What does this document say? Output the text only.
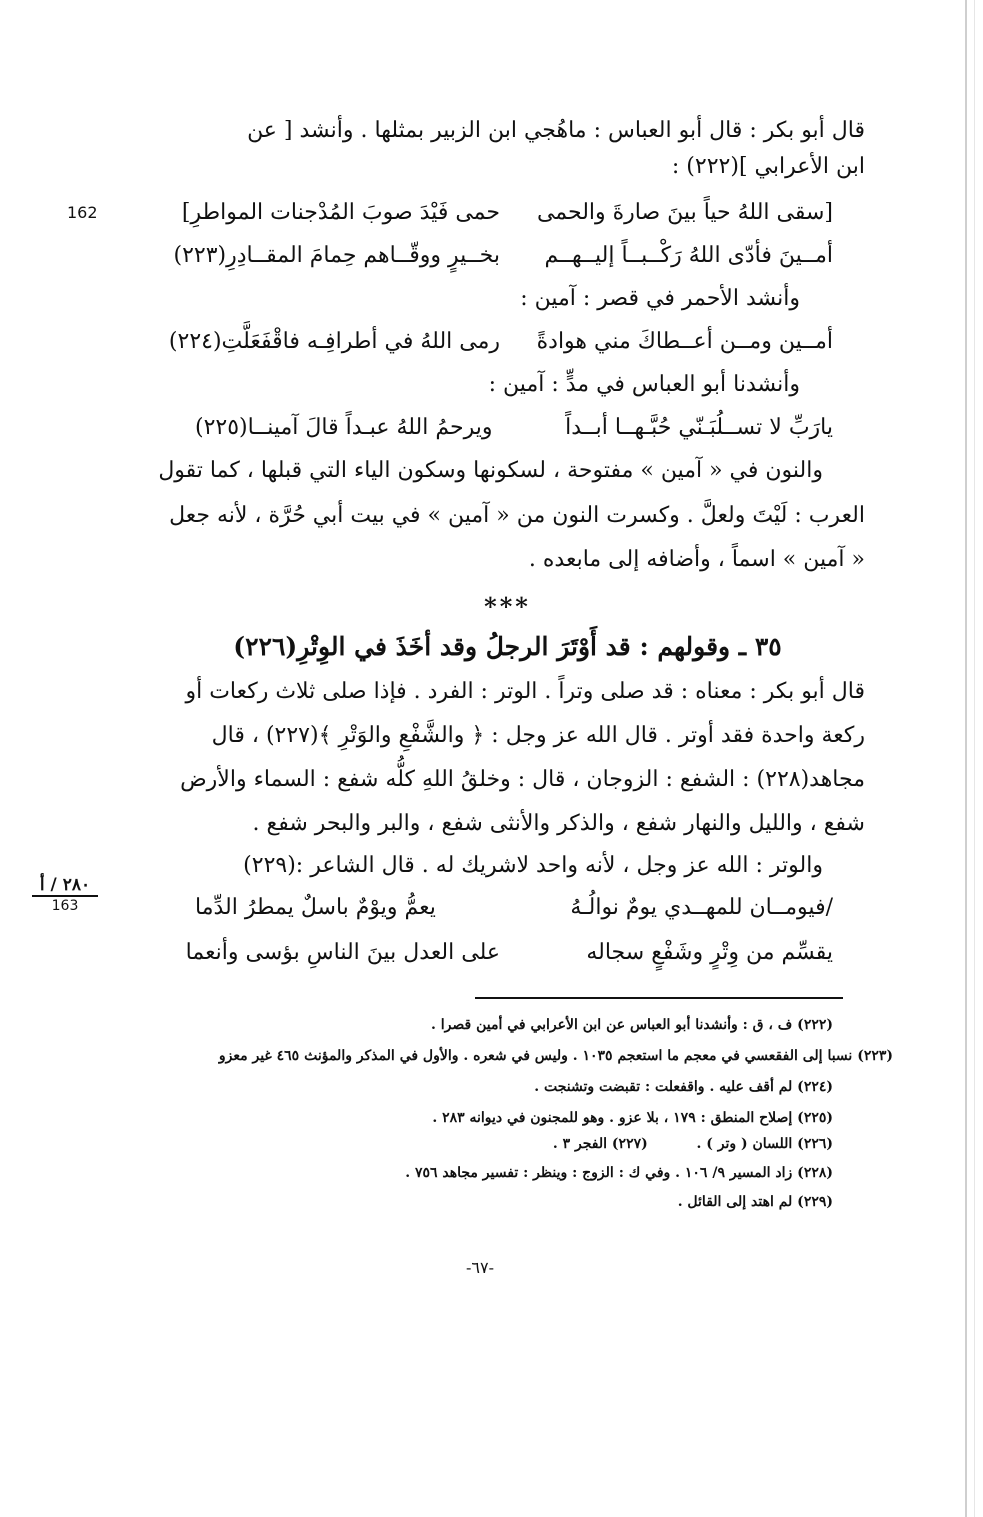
162
قال أبو بكر : قال أبو العباس : ماهُجي ابن الزبير بمثلها . وأنشد [ عن
ابن الأعرابي ](٢٢٢) :
[سقى اللهُ حياً بينَ صارةَ والحمى
حمى فَيْدَ صوبَ المُدْجنات المواطرِ]
أمــينَ فأدّى اللهُ رَكْــبــاً إليــهــم
بخــيرٍ ووقّــاهم حِمامَ المقــادِرِ(٢٢٣)
وأنشد الأحمر في قصر : آمين :
أمــين ومــن أعــطاكَ مني هوادةً
رمى اللهُ في أطرافِـه فاقْفَعَلَّتِ(٢٢٤)
وأنشدنا أبو العباس في مدٍّ : آمين :
يارَبِّ لا تســلُبَـنّي حُبَّـهــا أبــداً
ويرحمُ اللهُ عبـداً قالَ آمينــا(٢٢٥)
والنون في « آمين » مفتوحة ، لسكونها وسكون الياء التي قبلها ، كما تقول
العرب : لَيْتَ ولعلَّ . وكسرت النون من « آمين » في بيت أبي حُرَّة ، لأنه جعل
« آمين » اسماً ، وأضافه إلى مابعده .
***
٣٥ ـ وقولهم : قد أَوْتَرَ الرجلُ وقد أخَذَ في الوِتْرِ(٢٢٦)
قال أبو بكر : معناه : قد صلى وتراً . الوتر : الفرد . فإذا صلى ثلاث ركعات أو
ركعة واحدة فقد أوتر . قال الله عز وجل : ﴿ والشَّفْعِ والوَتْرِ ﴾(٢٢٧) ، قال
مجاهد(٢٢٨) : الشفع : الزوجان ، قال : وخلقُ اللهِ كلُّه شفع : السماء والأرض
شفع ، والليل والنهار شفع ، والذكر والأنثى شفع ، والبر والبحر شفع .
والوتر : الله عز وجل ، لأنه واحد لاشريك له . قال الشاعر :(٢٢٩)
٢٨٠ / أ
163	/فيومــان للمهــدي يومٌ نوالُـهُ
يعمُّ ويوْمٌ باسلٌ يمطرُ الدِّما
يقسِّم من وِتْرٍ وشَفْعٍ سجاله
على العدل بينَ الناسِ بؤسى وأنعما
(٢٢٢) ف ، ق : وأنشدنا أبو العباس عن ابن الأعرابي في أمين قصرا .
(٢٢٣) نسبا إلى الفقعسي في معجم ما استعجم ١٠٣٥ . وليس في شعره . والأول في المذكر والمؤنث ٤٦٥ غير معزو
(٢٢٤) لم أقف عليه . واقفعلت : تقبضت وتشنجت .
(٢٢٥) إصلاح المنطق : ١٧٩ ، بلا عزو . وهو للمجنون في ديوانه ٢٨٣ .
(٢٢٦) اللسان ( وتر ) .          (٢٢٧) الفجر ٣ .
(٢٢٨) زاد المسير ٩/ ١٠٦ . وفي ك : الزوج : وينظر : تفسير مجاهد ٧٥٦ .
(٢٢٩) لم اهتد إلى القائل .
-٦٧-
